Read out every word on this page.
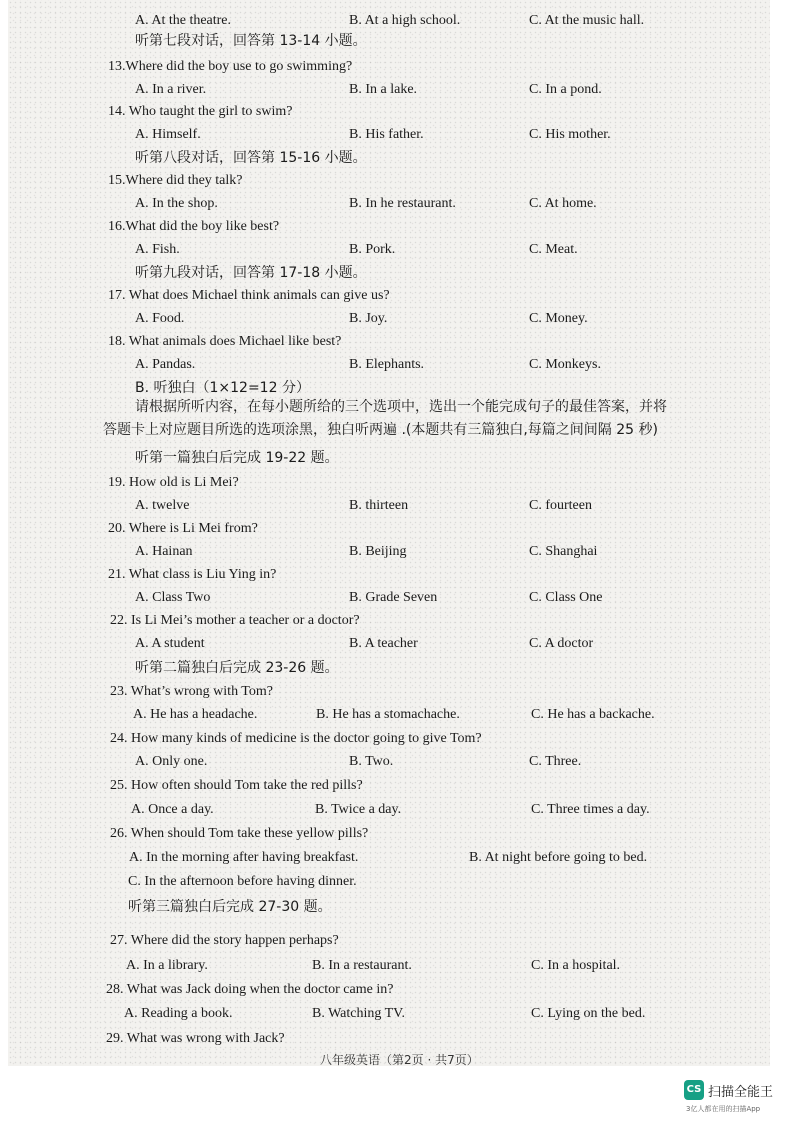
A. At the theatre.	B. At a high school.	C. At the music hall.
听第七段对话，回答第 13-14 小题。
13.Where did the boy use to go swimming?
A. In a river.	B. In a lake.	C. In a pond.
14. Who taught the girl to swim?
A. Himself.	B. His father.	C. His mother.
听第八段对话，回答第 15-16 小题。
15.Where did they talk?
A. In the shop.	B. In he restaurant.	C. At home.
16.What did the boy like best?
A. Fish.	B. Pork.	C. Meat.
听第九段对话，回答第 17-18 小题。
17. What does Michael think animals can give us?
A. Food.	B. Joy.	C. Money.
18. What animals does Michael like best?
A. Pandas.	B. Elephants.	C. Monkeys.
B. 听独白（1×12=12 分）
请根据所听内容，在每小题所给的三个选项中，选出一个能完成句子的最佳答案，并将
答题卡上对应题目所选的选项涂黑，独白听两遍 .(本题共有三篇独白,每篇之间间隔 25 秒)
听第一篇独白后完成 19-22 题。
19. How old is Li Mei?
A. twelve	B. thirteen	C. fourteen
20. Where is Li Mei from?
A. Hainan	B. Beijing	C. Shanghai
21. What class is Liu Ying in?
A. Class Two	B. Grade Seven	C. Class One
22. Is Li Mei’s mother a teacher or a doctor?
A. A student	B. A teacher	C. A doctor
听第二篇独白后完成 23-26 题。
23. What’s wrong with Tom?
A. He has a headache.	B. He has a stomachache.	C. He has a backache.
24. How many kinds of medicine is the doctor going to give Tom?
A. Only one.	B. Two.	C. Three.
25. How often should Tom take the red pills?
A. Once a day.	B. Twice a day.	C. Three times a day.
26. When should Tom take these yellow pills?
A. In the morning after having breakfast.	B. At night before going to bed.
C. In the afternoon before having dinner.
听第三篇独白后完成 27-30 题。
27. Where did the story happen perhaps?
A. In a library.	B. In a restaurant.	C. In a hospital.
28. What was Jack doing when the doctor came in?
A. Reading a book.	B. Watching TV.	C. Lying on the bed.
29. What was wrong with Jack?
八年级英语（第2页 · 共7页）
CS 扫描全能王
3亿人都在用的扫描App
